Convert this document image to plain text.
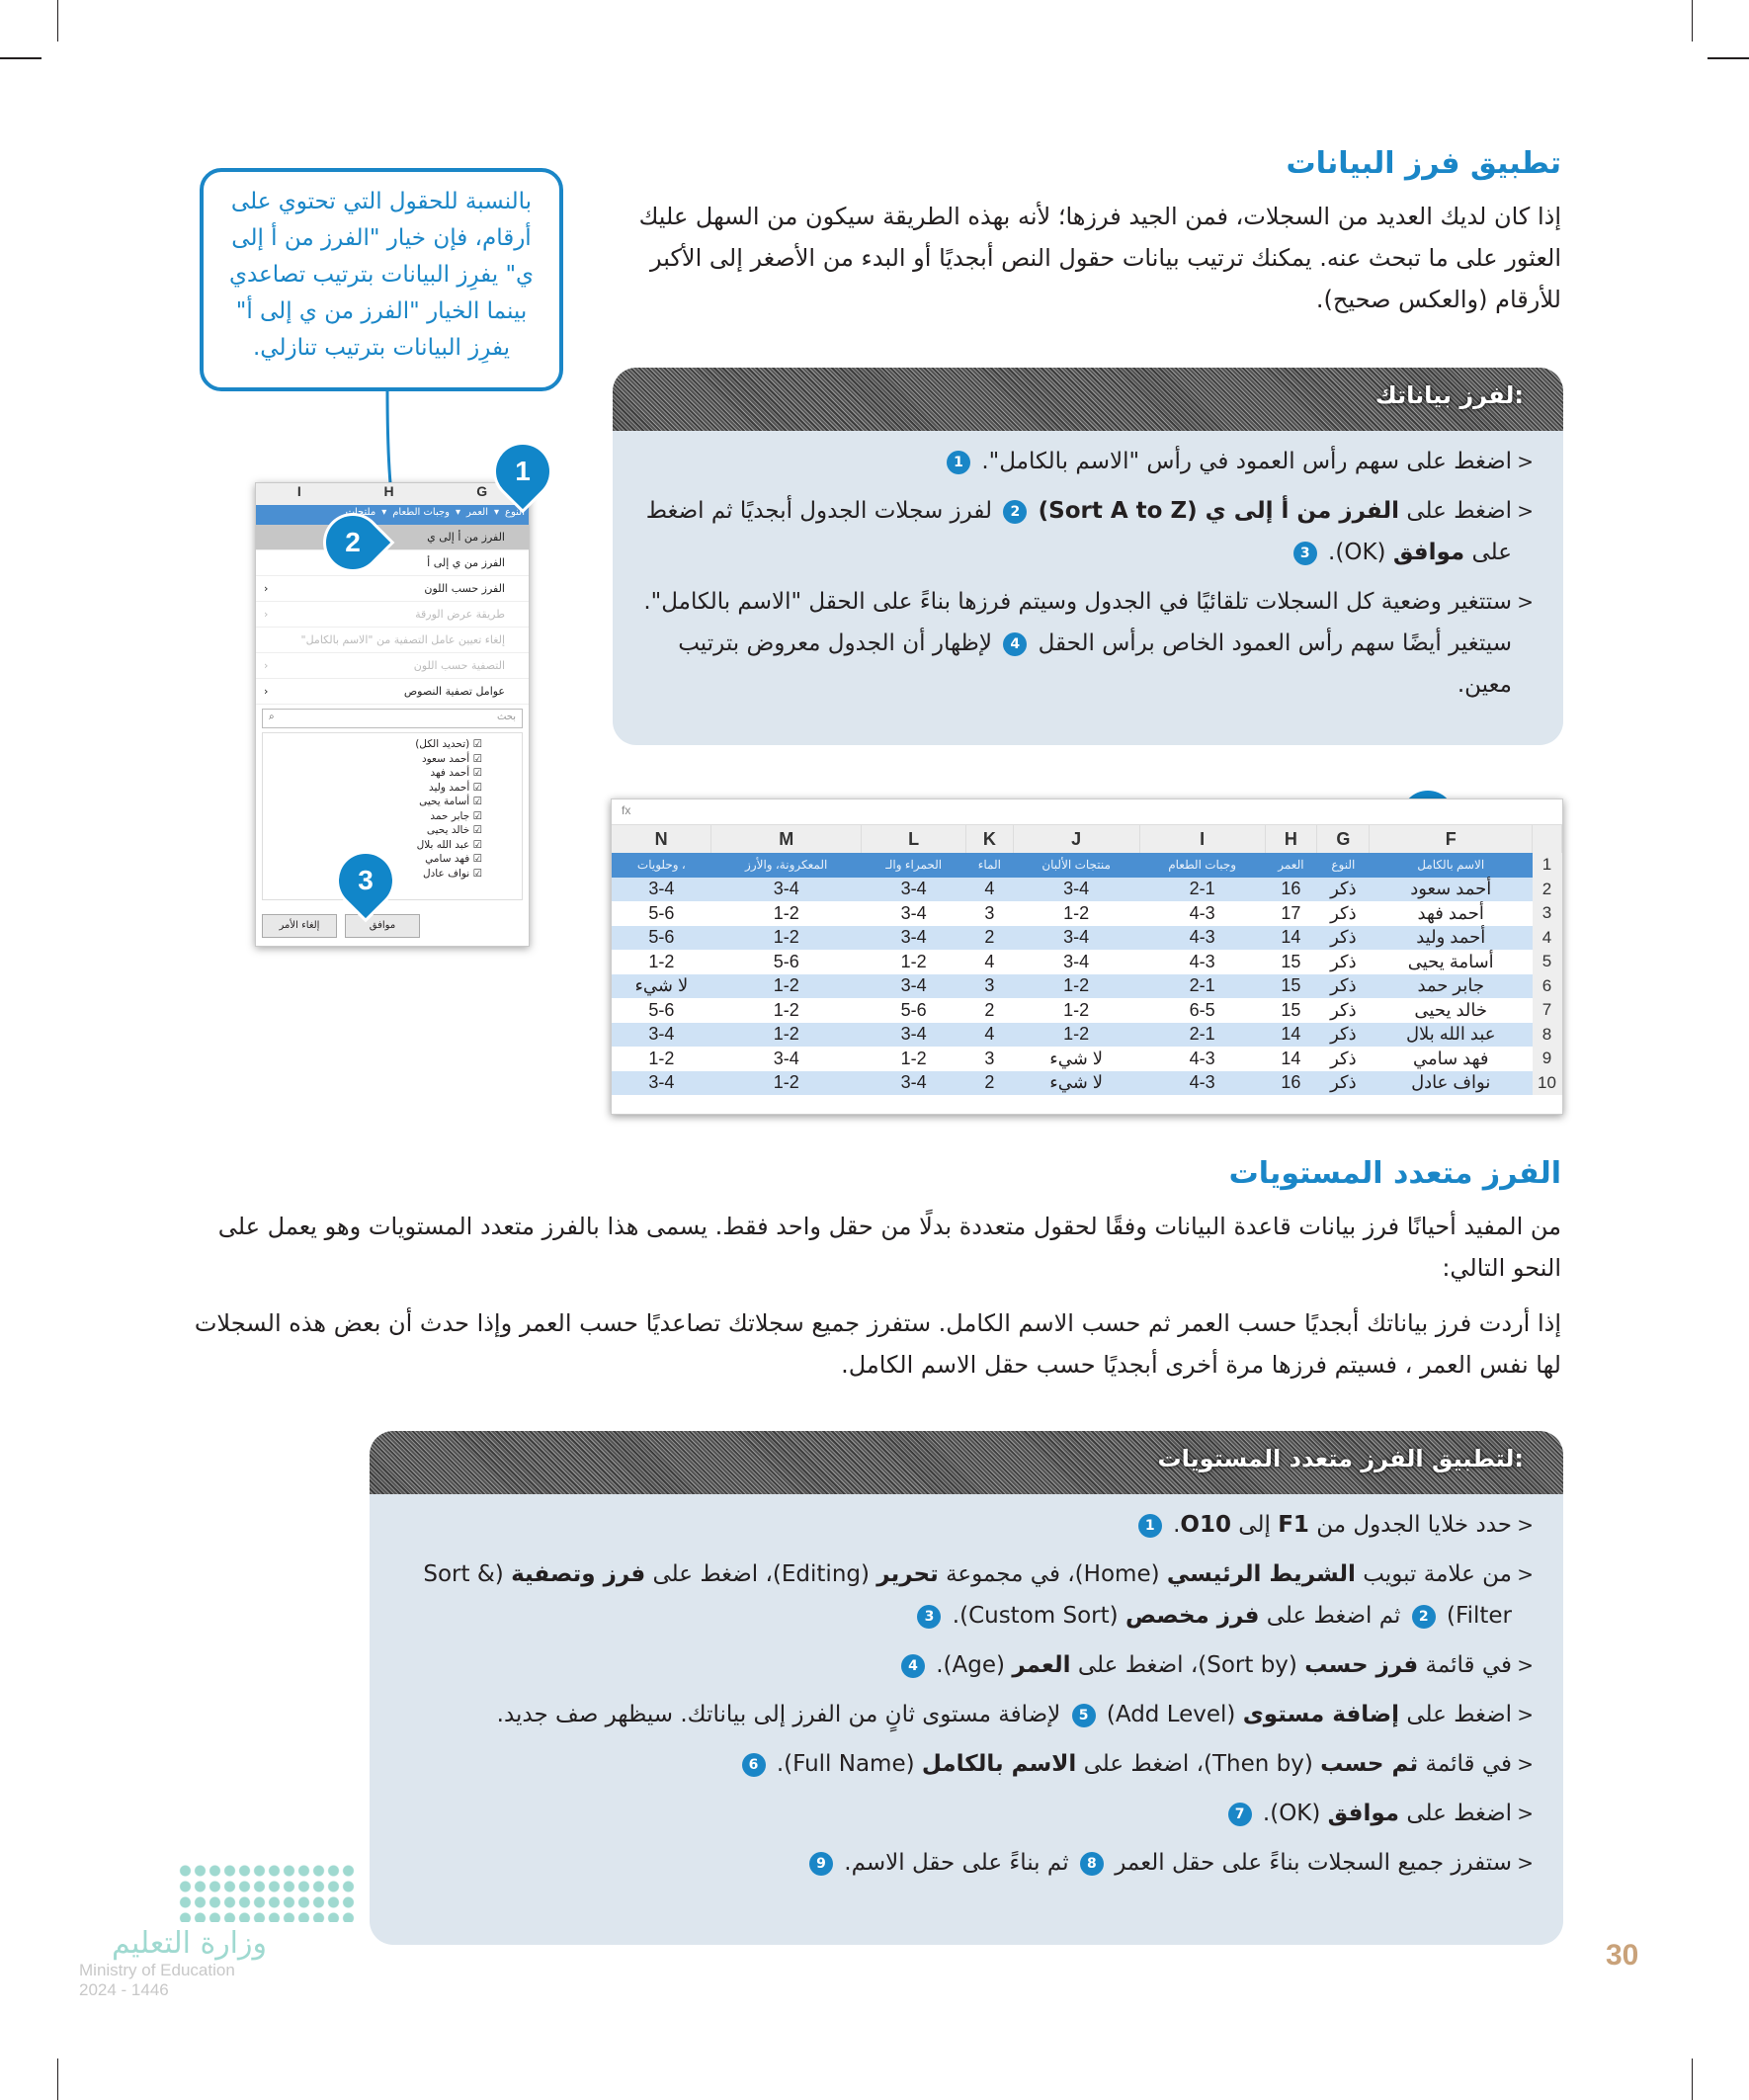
تطبيق فرز البيانات

إذا كان لديك العديد من السجلات، فمن الجيد فرزها؛ لأنه بهذه الطريقة سيكون من السهل عليك العثور على ما تبحث عنه. يمكنك ترتيب بيانات حقول النص أبجديًا أو البدء من الأصغر إلى الأكبر للأرقام (والعكس صحيح).

بالنسبة للحقول التي تحتوي على أرقام، فإن خيار "الفرز من أ إلى ي" يفرِز البيانات بترتيب تصاعدي بينما الخيار "الفرز من ي إلى أ" يفرِز البيانات بترتيب تنازلي.
لفرز بياناتك:
< اضغط على سهم رأس العمود في رأس "الاسم بالكامل". 1
< اضغط على الفرز من أ إلى ي (Sort A to Z) 2 لفرز سجلات الجدول أبجديًا ثم اضغط على موافق (OK). 3
< ستتغير وضعية كل السجلات تلقائيًا في الجدول وسيتم فرزها بناءً على الحقل "الاسم بالكامل". سيتغير أيضًا سهم رأس العمود الخاص برأس الحقل 4 لإظهار أن الجدول معروض بترتيب معين.
G
H
I
النوع
▾
العمر
▾
وجبات الطعام
▾
ملتجات
الفرز من أ إلى ي
الفرز من ي إلى أ
الفرز حسب اللون
‹
طريقة عرض الورقة
‹
إلغاء تعيين عامل التصفية من "الاسم بالكامل"
التصفية حسب اللون
‹
عوامل تصفية النصوص
‹
بحث
⌕
☑ (تحديد الكل)
☑ أحمد سعود
☑ أحمد فهد
☑ أحمد وليد
☑ أسامة يحيى
☑ جابر حمد
☑ خالد يحيى
☑ عبد الله بلال
☑ فهد سامي
☑ نواف عادل
إلغاء الأمر	موافق
1
2
3
fx
	F	G	H	I	J	K	L	M	N
1	الاسم بالكامل	النوع	العمر	وجبات الطعام	منتجات الألبان	الماء	الحمراء والـ	المعكرونة، والأرز	، وحلويات
2	أحمد سعود	ذكر	16	2-1	3-4	4	3-4	3-4	3-4
3	أحمد فهد	ذكر	17	4-3	1-2	3	3-4	1-2	5-6
4	أحمد وليد	ذكر	14	4-3	3-4	2	3-4	1-2	5-6
5	أسامة يحيى	ذكر	15	4-3	3-4	4	1-2	5-6	1-2
6	جابر حمد	ذكر	15	2-1	1-2	3	3-4	1-2	لا شيء
7	خالد يحيى	ذكر	15	6-5	1-2	2	5-6	1-2	5-6
8	عبد الله بلال	ذكر	14	2-1	1-2	4	3-4	1-2	3-4
9	فهد سامي	ذكر	14	4-3	لا شيء	3	1-2	3-4	1-2
10	نواف عادل	ذكر	16	4-3	لا شيء	2	3-4	1-2	3-4
الفرز متعدد المستويات

من المفيد أحيانًا فرز بيانات قاعدة البيانات وفقًا لحقول متعددة بدلًا من حقل واحد فقط. يسمى هذا بالفرز متعدد المستويات وهو يعمل على النحو التالي:

إذا أردت فرز بياناتك أبجديًا حسب العمر ثم حسب الاسم الكامل. ستفرز جميع سجلاتك تصاعديًا حسب العمر وإذا حدث أن بعض هذه السجلات لها نفس العمر ، فسيتم فرزها مرة أخرى أبجديًا حسب حقل الاسم الكامل.

لتطبيق الفرز متعدد المستويات:
< حدد خلايا الجدول من F1 إلى O10. 1
< من علامة تبويب الشريط الرئيسي (Home)، في مجموعة تحرير (Editing)، اضغط على فرز وتصفية (Sort & Filter) 2 ثم اضغط على فرز مخصص (Custom Sort). 3
< في قائمة فرز حسب (Sort by)، اضغط على العمر (Age). 4
< اضغط على إضافة مستوى (Add Level) 5 لإضافة مستوى ثانٍ من الفرز إلى بياناتك. سيظهر صف جديد.
< في قائمة ثم حسب (Then by)، اضغط على الاسم بالكامل (Full Name). 6
< اضغط على موافق (OK). 7
< ستفرز جميع السجلات بناءً على حقل العمر 8 ثم بناءً على حقل الاسم. 9
وزارة التعليم
Ministry of Education
2024 - 1446
30
